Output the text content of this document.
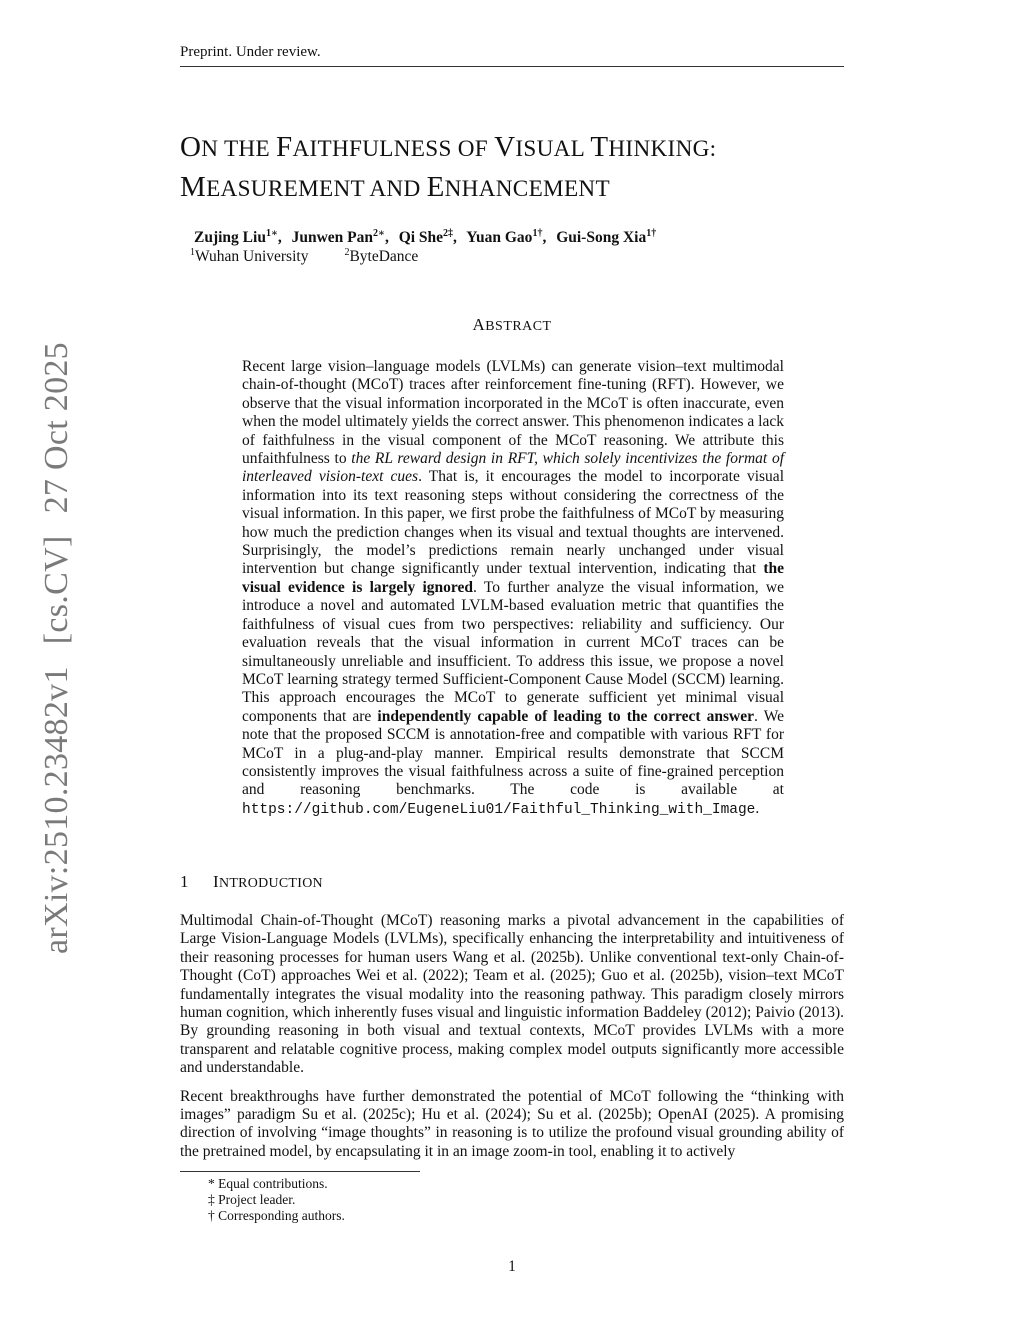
Preprint. Under review.
arXiv:2510.23482v1[cs.CV]27 Oct 2025
ON THE FAITHFULNESS OF VISUAL THINKING:
MEASUREMENT AND ENHANCEMENT
Zujing Liu$^{1∗}$, Junwen Pan$^{2∗}$, Qi She$^{2\ddagger}$, Yuan Gao$^{1\dagger}$, Gui-Song Xia$^{1\dagger}$
$^1$Wuhan University	$^2$ByteDance
ABSTRACT
Recent large vision–language models (LVLMs) can generate vision–text multimodal chain-of-thought (MCoT) traces after reinforcement fine-tuning (RFT). However, we observe that the visual information incorporated in the MCoT is often inaccurate, even when the model ultimately yields the correct answer. This phenomenon indicates a lack of faithfulness in the visual component of the MCoT reasoning. We attribute this unfaithfulness to the RL reward design in RFT, which solely incentivizes the format of interleaved vision-text cues. That is, it encourages the model to incorporate visual information into its text reasoning steps without considering the correctness of the visual information. In this paper, we first probe the faithfulness of MCoT by measuring how much the prediction changes when its visual and textual thoughts are intervened. Surprisingly, the model’s predictions remain nearly unchanged under visual intervention but change significantly under textual intervention, indicating that the visual evidence is largely ignored. To further analyze the visual information, we introduce a novel and automated LVLM-based evaluation metric that quantifies the faithfulness of visual cues from two perspectives: reliability and sufficiency. Our evaluation reveals that the visual information in current MCoT traces can be simultaneously unreliable and insufficient. To address this issue, we propose a novel MCoT learning strategy termed Sufficient-Component Cause Model (SCCM) learning. This approach encourages the MCoT to generate sufficient yet minimal visual components that are independently capable of leading to the correct answer. We note that the proposed SCCM is annotation-free and compatible with various RFT for MCoT in a plug-and-play manner. Empirical results demonstrate that SCCM consistently improves the visual faithfulness across a suite of fine-grained perception and reasoning benchmarks. The code is available at https://github.com/EugeneLiu01/Faithful_Thinking_with_Image.
1 INTRODUCTION

Multimodal Chain-of-Thought (MCoT) reasoning marks a pivotal advancement in the capabilities of Large Vision-Language Models (LVLMs), specifically enhancing the interpretability and intuitiveness of their reasoning processes for human users Wang et al. (2025b). Unlike conventional text-only Chain-of-Thought (CoT) approaches Wei et al. (2022); Team et al. (2025); Guo et al. (2025b), vision–text MCoT fundamentally integrates the visual modality into the reasoning pathway. This paradigm closely mirrors human cognition, which inherently fuses visual and linguistic information Baddeley (2012); Paivio (2013). By grounding reasoning in both visual and textual contexts, MCoT provides LVLMs with a more transparent and relatable cognitive process, making complex model outputs significantly more accessible and understandable.

Recent breakthroughs have further demonstrated the potential of MCoT following the “thinking with images” paradigm Su et al. (2025c); Hu et al. (2024); Su et al. (2025b); OpenAI (2025). A promising direction of involving “image thoughts” in reasoning is to utilize the profound visual grounding ability of the pretrained model, by encapsulating it in an image zoom-in tool, enabling it to actively

* Equal contributions.
‡ Project leader.
† Corresponding authors.
1
